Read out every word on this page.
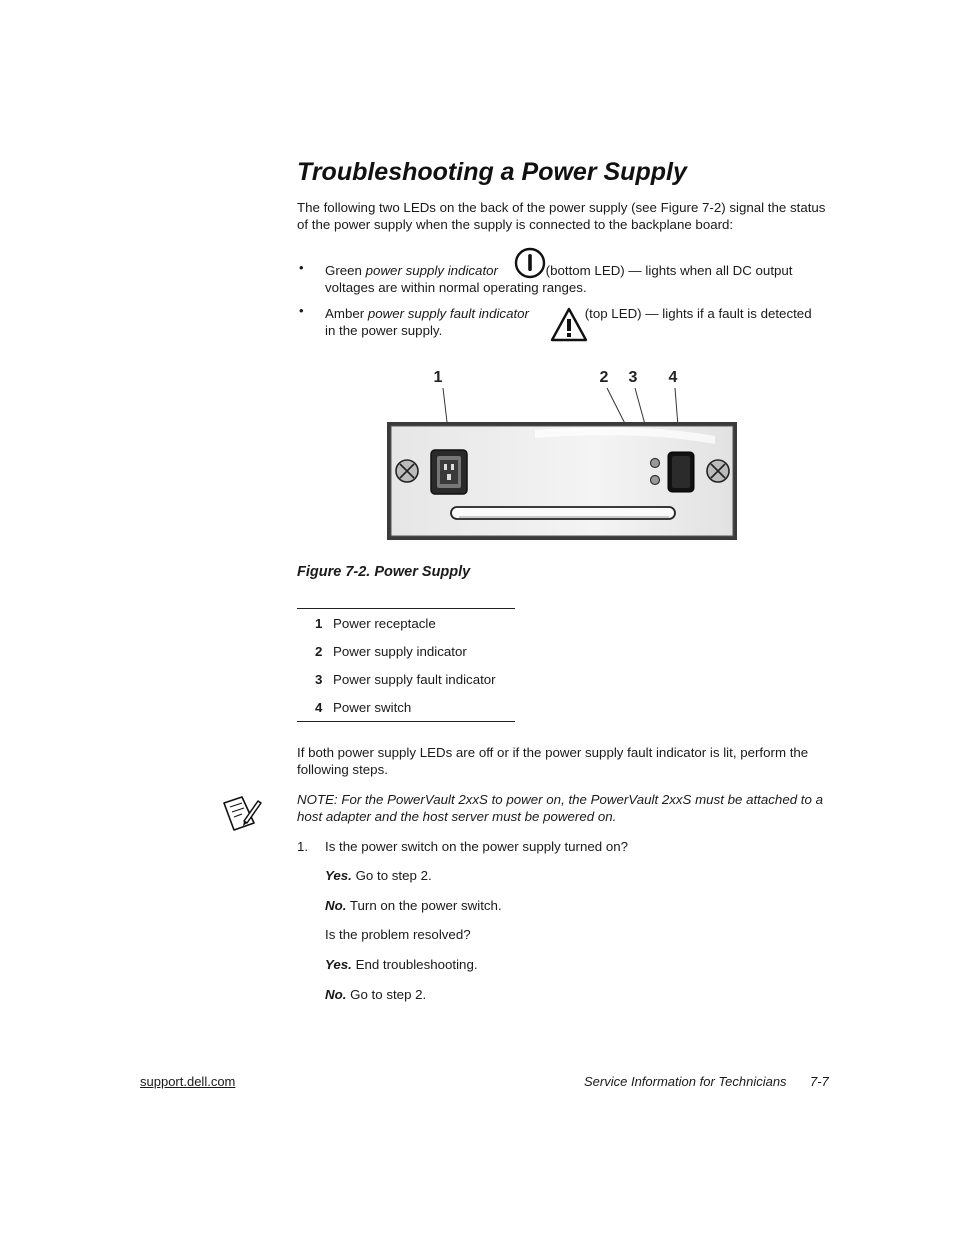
Troubleshooting a Power Supply
The following two LEDs on the back of the power supply (see Figure 7-2) signal the status of the power supply when the supply is connected to the backplane board:
• Green power supply indicator	(bottom LED) — lights when all DC output voltages are within normal operating ranges.
• Amber power supply fault indicator	(top LED) — lights if a fault is detected in the power supply.
1	2 3 4
Figure 7-2. Power Supply
1 Power receptacle
2 Power supply indicator
3 Power supply fault indicator
4 Power switch
If both power supply LEDs are off or if the power supply fault indicator is lit, perform the following steps.
NOTE: For the PowerVault 2xxS to power on, the PowerVault 2xxS must be attached to a host adapter and the host server must be powered on.
1. Is the power switch on the power supply turned on?
Yes. Go to step 2.
No. Turn on the power switch.
Is the problem resolved?
Yes. End troubleshooting.
No. Go to step 2.
support.dell.com	Service Information for Technicians 7-7
